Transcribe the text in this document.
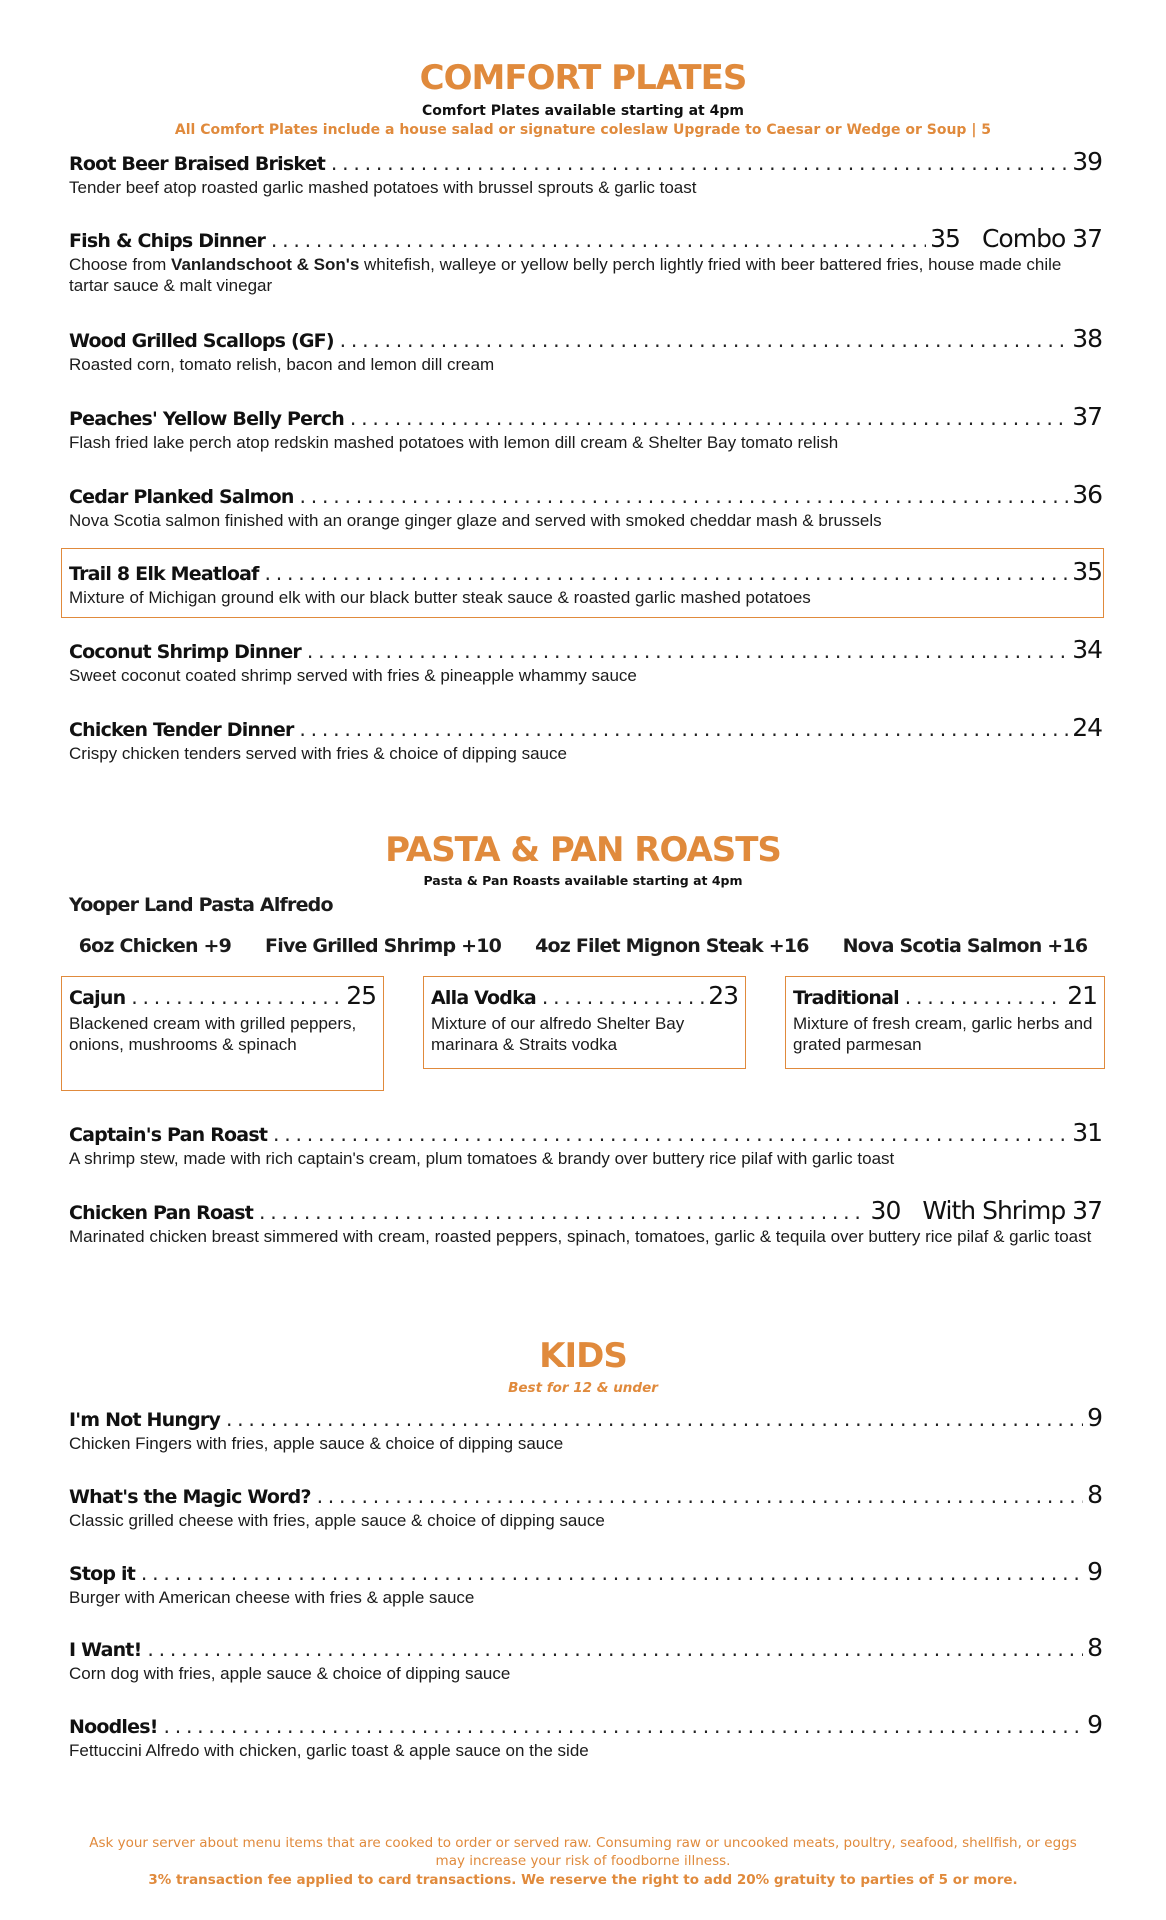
COMFORT PLATES
Comfort Plates available starting at 4pm
All Comfort Plates include a house salad or signature coleslaw Upgrade to Caesar or Wedge or Soup | 5
Root Beer Braised Brisket .....	39
Tender beef atop roasted garlic mashed potatoes with brussel sprouts & garlic toast
Fish & Chips Dinner .....	35 Combo 37
Choose from Vanlandschoot & Son's whitefish, walleye or yellow belly perch lightly fried with beer battered fries, house made chile tartar sauce & malt vinegar
Wood Grilled Scallops (GF) .....	38
Roasted corn, tomato relish, bacon and lemon dill cream
Peaches' Yellow Belly Perch .....	37
Flash fried lake perch atop redskin mashed potatoes with lemon dill cream & Shelter Bay tomato relish
Cedar Planked Salmon .....	36
Nova Scotia salmon finished with an orange ginger glaze and served with smoked cheddar mash & brussels
Trail 8 Elk Meatloaf .....	35
Mixture of Michigan ground elk with our black butter steak sauce & roasted garlic mashed potatoes
Coconut Shrimp Dinner .....	34
Sweet coconut coated shrimp served with fries & pineapple whammy sauce
Chicken Tender Dinner .....	24
Crispy chicken tenders served with fries & choice of dipping sauce
PASTA & PAN ROASTS
Pasta & Pan Roasts available starting at 4pm
Yooper Land Pasta Alfredo
6oz Chicken +9 Five Grilled Shrimp +10 4oz Filet Mignon Steak +16 Nova Scotia Salmon +16
Cajun .....	25
Blackened cream with grilled peppers, onions, mushrooms & spinach
Alla Vodka .....	23
Mixture of our alfredo Shelter Bay marinara & Straits vodka
Traditional .....	21
Mixture of fresh cream, garlic herbs and grated parmesan
Captain's Pan Roast .....	31
A shrimp stew, made with rich captain's cream, plum tomatoes & brandy over buttery rice pilaf with garlic toast
Chicken Pan Roast .....	30 With Shrimp 37
Marinated chicken breast simmered with cream, roasted peppers, spinach, tomatoes, garlic & tequila over buttery rice pilaf & garlic toast
KIDS
Best for 12 & under
I'm Not Hungry .....	9
Chicken Fingers with fries, apple sauce & choice of dipping sauce
What's the Magic Word? .....	8
Classic grilled cheese with fries, apple sauce & choice of dipping sauce
Stop it .....	9
Burger with American cheese with fries & apple sauce
I Want! .....	8
Corn dog with fries, apple sauce & choice of dipping sauce
Noodles! .....	9
Fettuccini Alfredo with chicken, garlic toast & apple sauce on the side
Ask your server about menu items that are cooked to order or served raw. Consuming raw or uncooked meats, poultry, seafood, shellfish, or eggs may increase your risk of foodborne illness.
3% transaction fee applied to card transactions. We reserve the right to add 20% gratuity to parties of 5 or more.
